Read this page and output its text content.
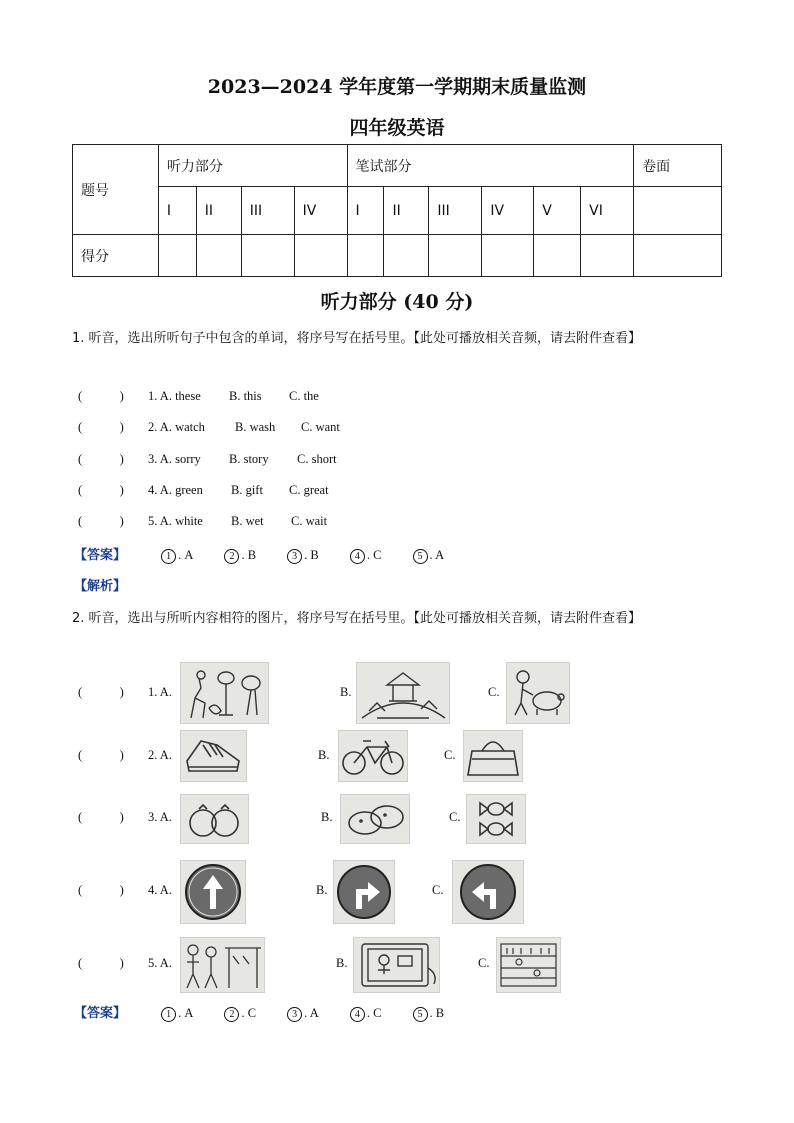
2023—2024 学年度第一学期期末质量监测
四年级英语
题号	听力部分				笔试部分						卷面
	I	II	III	IV	I	II	III	IV	V	VI	
得分											
听力部分 (40 分)
1. 听音，选出所听句子中包含的单词，将序号写在括号里。【此处可播放相关音频，请去附件查看】
(            ) 1. A. these B. this C. the
(            ) 2. A. watch B. wash C. want
(            ) 3. A. sorry B. story C. short
(            ) 4. A. green B. gift C. great
(            ) 5. A. white B. wet C. wait
【答案】	1 . A	2 . B	3 . B	4 . C	5 . A
【解析】
2. 听音，选出与所听内容相符的图片，将序号写在括号里。【此处可播放相关音频，请去附件查看】
(            ) 1. A.	B.	C.
(            ) 2. A.	B.	C.
(            ) 3. A.	B.	C.
(            ) 4. A.	B.	C.
(            ) 5. A.	B.	C.
【答案】	1 . A	2 . C	3 . A	4 . C	5 . B
